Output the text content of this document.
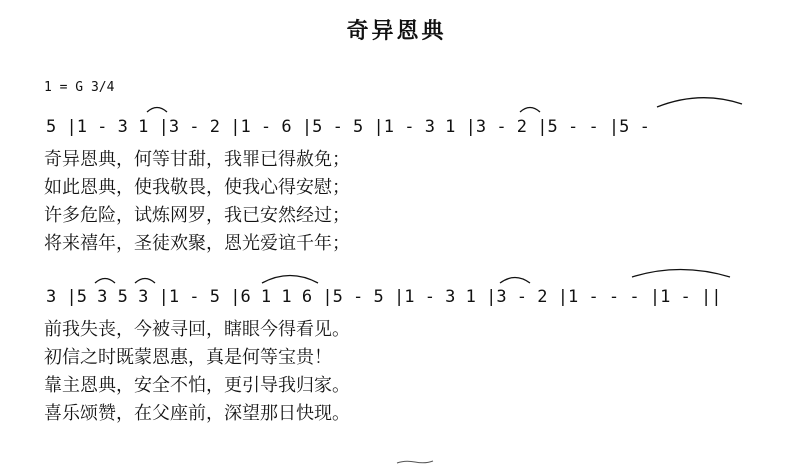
奇异恩典
1 = G 3/4
5 |1 - 3 1 |3 - 2 |1 - 6 |5 - 5 |1 - 3 1 |3 - 2 |5 - - |5 -
3 |5 3 5 3 |1 - 5 |6 1 1 6 |5 - 5 |1 - 3 1 |3 - 2 |1 - - - |1 - ||
奇异恩典，何等甘甜，我罪已得赦免；
如此恩典，使我敬畏，使我心得安慰；
许多危险，试炼网罗，我已安然经过；
将来禧年，圣徒欢聚，恩光爱谊千年；
前我失丧，今被寻回，瞎眼今得看见。
初信之时既蒙恩惠，真是何等宝贵！
靠主恩典，安全不怕，更引导我归家。
喜乐颂赞，在父座前，深望那日快现。
